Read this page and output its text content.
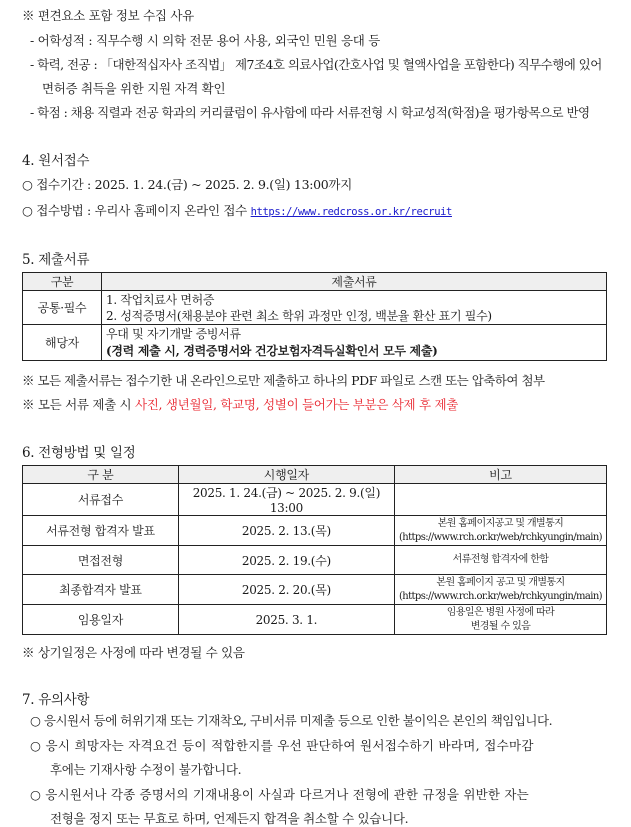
※ 편견요소 포함 정보 수집 사유
- 어학성적 : 직무수행 시 의학 전문 용어 사용, 외국인 민원 응대 등
- 학력, 전공 : 「대한적십자사 조직법」 제7조4호 의료사업(간호사업 및 혈액사업을 포함한다) 직무수행에 있어
면허증 취득을 위한 지원 자격 확인
- 학점 : 채용 직렬과 전공 학과의 커리큘럼이 유사함에 따라 서류전형 시 학교성적(학점)을 평가항목으로 반영
4. 원서접수
○ 접수기간 : 2025. 1. 24.(금) ~ 2025. 2. 9.(일) 13:00까지
○ 접수방법 : 우리사 홈페이지 온라인 접수 https://www.redcross.or.kr/recruit
5. 제출서류
구분	제출서류
공통·필수	1. 작업치료사 면허증
2. 성적증명서(채용분야 관련 최소 학위 과정만 인정, 백분율 환산 표기 필수)

해당자	우대 및 자기개발 증빙서류
(경력 제출 시, 경력증명서와 건강보험자격득실확인서 모두 제출)
※ 모든 제출서류는 접수기한 내 온라인으로만 제출하고 하나의 PDF 파일로 스캔 또는 압축하여 첨부
※ 모든 서류 제출 시 사진, 생년월일, 학교명, 성별이 들어가는 부분은 삭제 후 제출
6. 전형방법 및 일정
구 분	시행일자	비고
서류접수	2025. 1. 24.(금) ~ 2025. 2. 9.(일) 13:00	
서류전형 합격자 발표	2025. 2. 13.(목)	본원 홈페이지공고 및 개별통지
(https://www.rch.or.kr/web/rchkyungin/main)

면접전형	2025. 2. 19.(수)	서류전형 합격자에 한함
최종합격자 발표	2025. 2. 20.(목)	본원 홈페이지 공고 및 개별통지
(https://www.rch.or.kr/web/rchkyungin/main)

임용일자	2025. 3. 1.	임용일은 병원 사정에 따라
변경될 수 있음
※ 상기일정은 사정에 따라 변경될 수 있음
7. 유의사항
○ 응시원서 등에 허위기재 또는 기재착오, 구비서류 미제출 등으로 인한 불이익은 본인의 책임입니다.
○ 응시 희망자는 자격요건 등이 적합한지를 우선 판단하여 원서접수하기 바라며, 접수마감
후에는 기재사항 수정이 불가합니다.
○ 응시원서나 각종 증명서의 기재내용이 사실과 다르거나 전형에 관한 규정을 위반한 자는
전형을 정지 또는 무효로 하며, 언제든지 합격을 취소할 수 있습니다.
